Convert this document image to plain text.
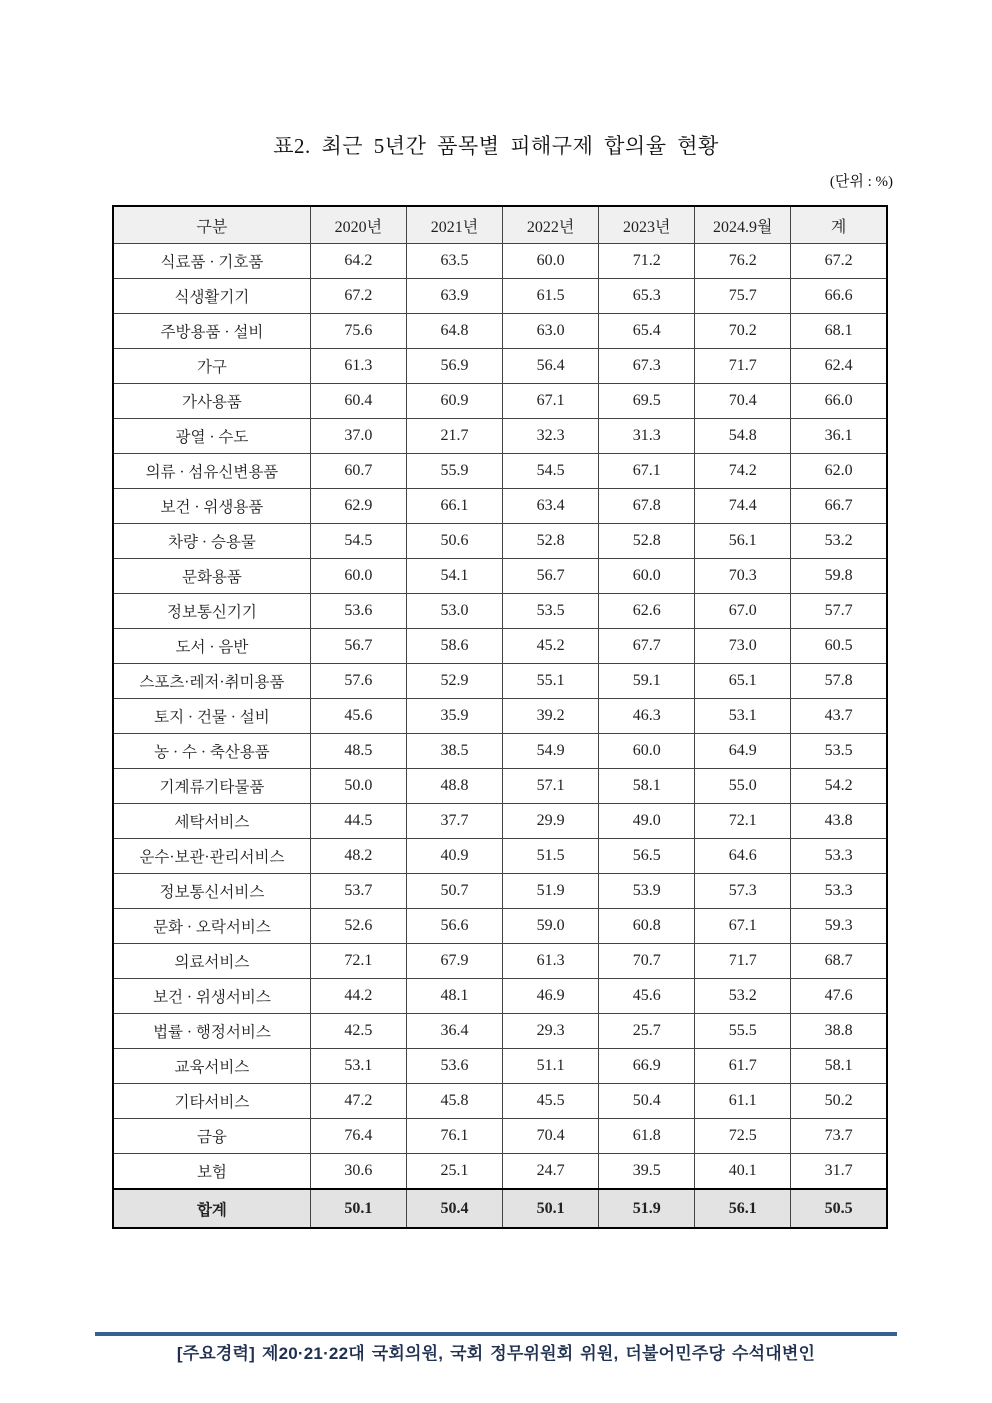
표2. 최근 5년간 품목별 피해구제 합의율 현황
(단위 : %)
구분	2020년	2021년	2022년	2023년	2024.9월	계
식료품 · 기호품	64.2	63.5	60.0	71.2	76.2	67.2
식생활기기	67.2	63.9	61.5	65.3	75.7	66.6
주방용품 · 설비	75.6	64.8	63.0	65.4	70.2	68.1
가구	61.3	56.9	56.4	67.3	71.7	62.4
가사용품	60.4	60.9	67.1	69.5	70.4	66.0
광열 · 수도	37.0	21.7	32.3	31.3	54.8	36.1
의류 · 섬유신변용품	60.7	55.9	54.5	67.1	74.2	62.0
보건 · 위생용품	62.9	66.1	63.4	67.8	74.4	66.7
차량 · 승용물	54.5	50.6	52.8	52.8	56.1	53.2
문화용품	60.0	54.1	56.7	60.0	70.3	59.8
정보통신기기	53.6	53.0	53.5	62.6	67.0	57.7
도서 · 음반	56.7	58.6	45.2	67.7	73.0	60.5
스포츠·레저·취미용품	57.6	52.9	55.1	59.1	65.1	57.8
토지 · 건물 · 설비	45.6	35.9	39.2	46.3	53.1	43.7
농 · 수 · 축산용품	48.5	38.5	54.9	60.0	64.9	53.5
기계류기타물품	50.0	48.8	57.1	58.1	55.0	54.2
세탁서비스	44.5	37.7	29.9	49.0	72.1	43.8
운수·보관·관리서비스	48.2	40.9	51.5	56.5	64.6	53.3
정보통신서비스	53.7	50.7	51.9	53.9	57.3	53.3
문화 · 오락서비스	52.6	56.6	59.0	60.8	67.1	59.3
의료서비스	72.1	67.9	61.3	70.7	71.7	68.7
보건 · 위생서비스	44.2	48.1	46.9	45.6	53.2	47.6
법률 · 행정서비스	42.5	36.4	29.3	25.7	55.5	38.8
교육서비스	53.1	53.6	51.1	66.9	61.7	58.1
기타서비스	47.2	45.8	45.5	50.4	61.1	50.2
금융	76.4	76.1	70.4	61.8	72.5	73.7
보험	30.6	25.1	24.7	39.5	40.1	31.7
합계	50.1	50.4	50.1	51.9	56.1	50.5
[주요경력] 제20·21·22대 국회의원, 국회 정무위원회 위원, 더불어민주당 수석대변인
